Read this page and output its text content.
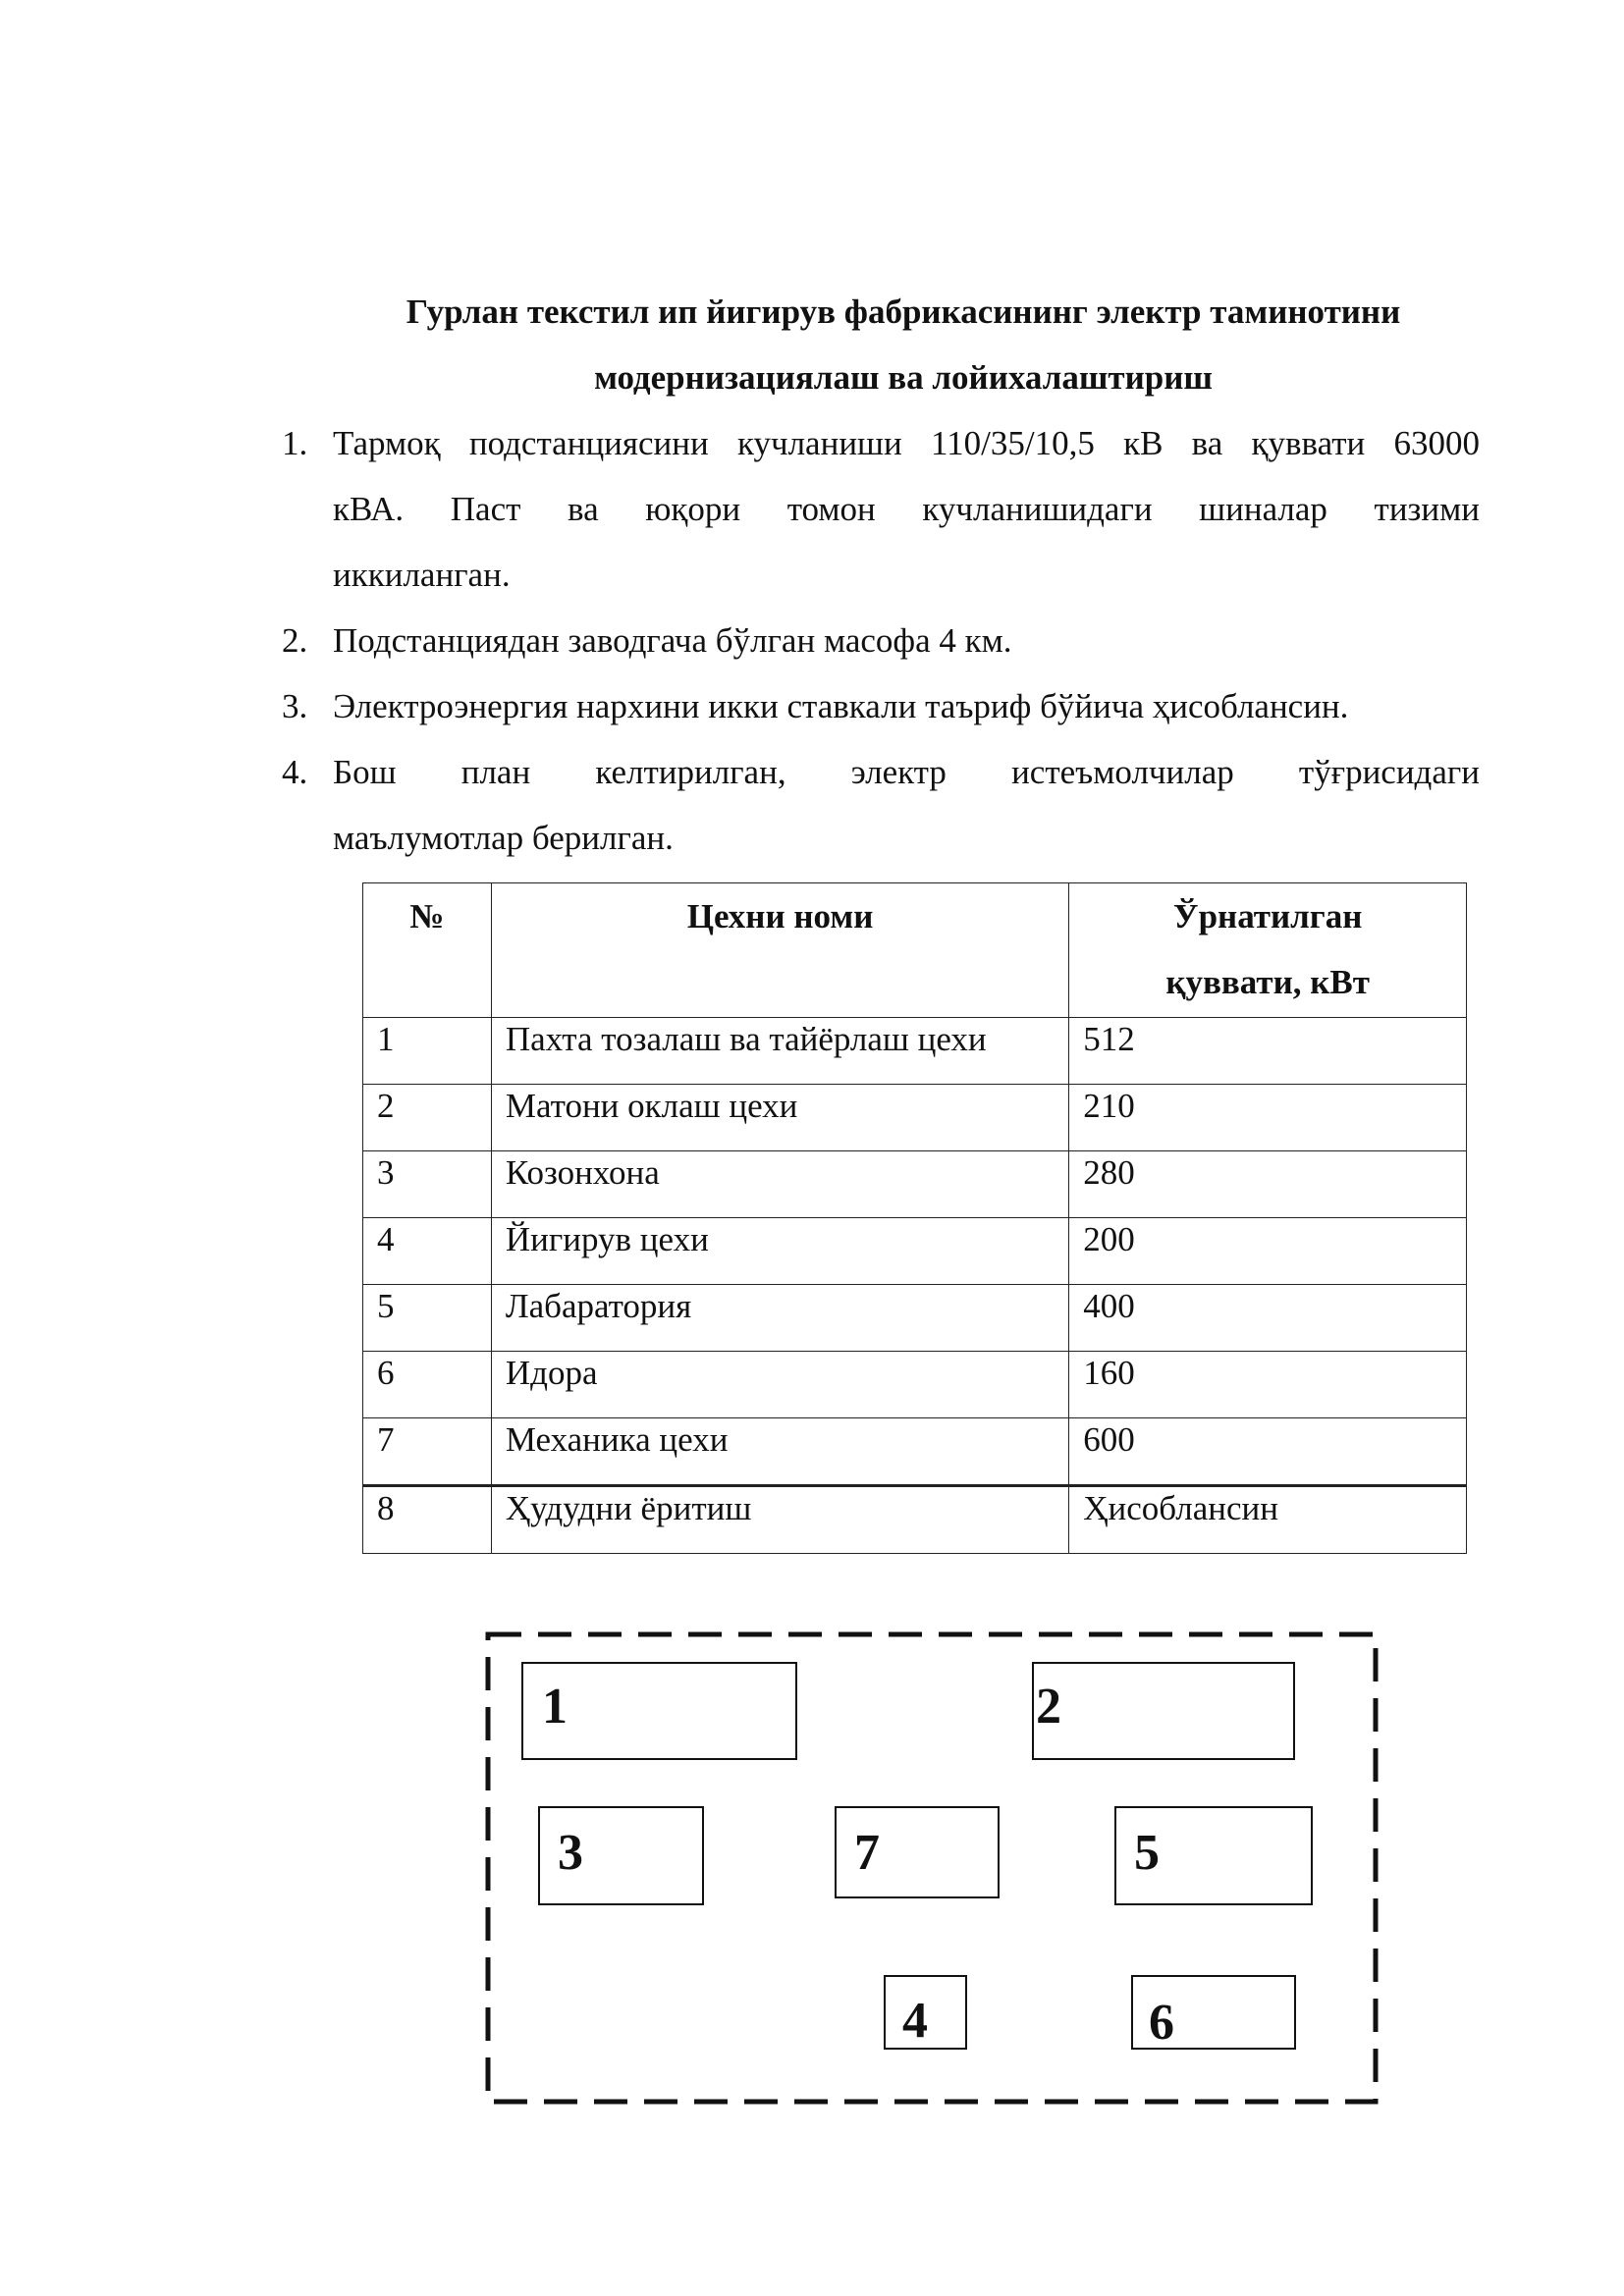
Гурлан текстил ип йигирув фабрикасининг электр таминотини
модернизациялаш ва лойихалаштириш
1. Тармоқ подстанциясини кучланиши 110/35/10,5 кВ ва қуввати 63000
кВА. Паст ва юқори томон кучланишидаги шиналар тизими
иккиланган.
2. Подстанциядан заводгача бўлган масофа 4 км.
3. Электроэнергия нархини икки ставкали таъриф бўйича ҳисоблансин.
4. Бош план келтирилган, электр истеъмолчилар тўғрисидаги
маълумотлар берилган.
№	Цехни номи	Ўрнатилган
қуввати, кВт

1	Пахта тозалаш ва тайёрлаш цехи	512
2	Матони оклаш цехи	210
3	Козонхона	280
4	Йигирув цехи	200
5	Лабаратория	400
6	Идора	160
7	Механика цехи	600
8	Ҳудудни ёритиш	Ҳисоблансин
1	2
3	7	5
4	6
